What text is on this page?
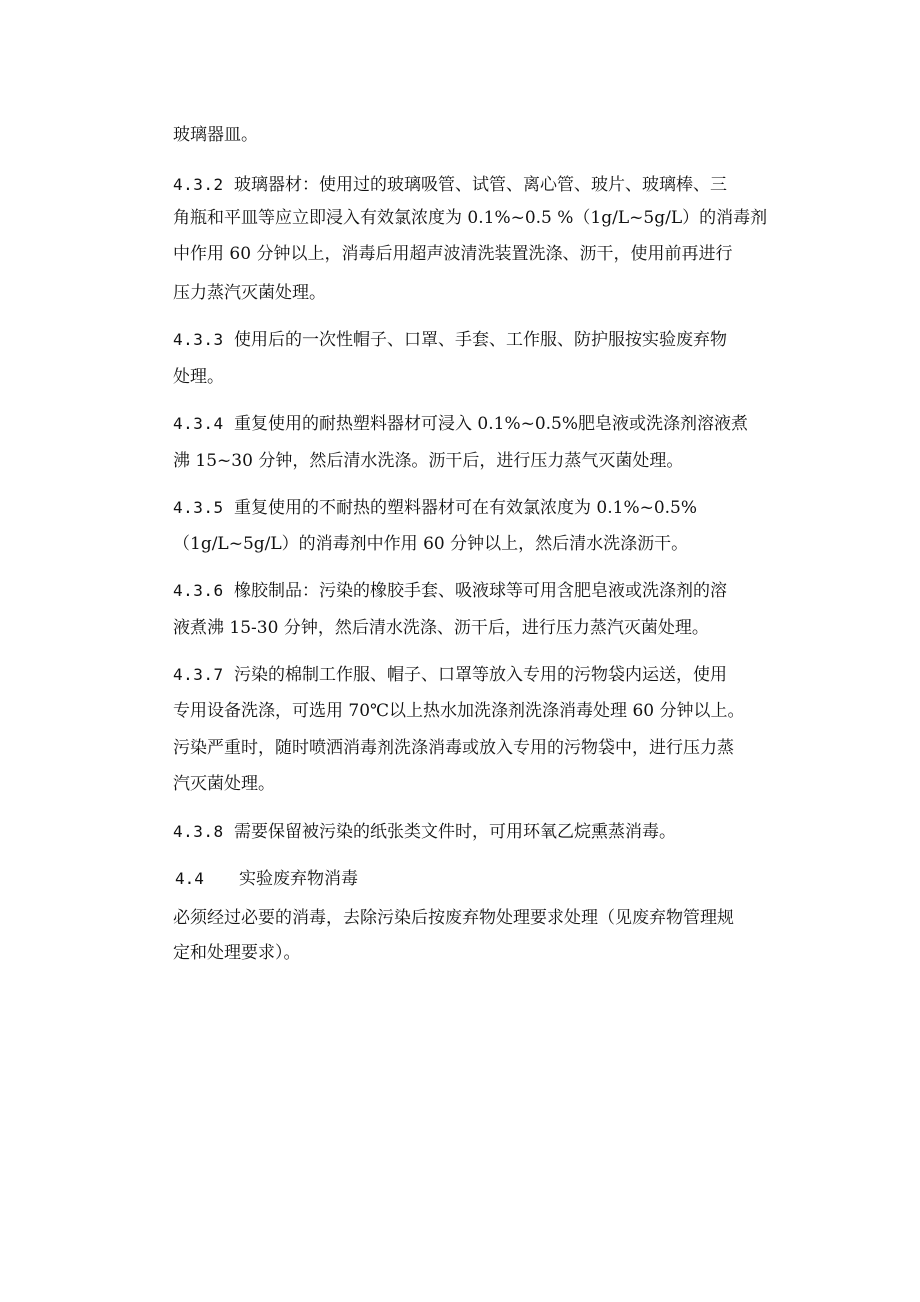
玻璃器皿。
4.3.2 玻璃器材：使用过的玻璃吸管、试管、离心管、玻片、玻璃棒、三
角瓶和平皿等应立即浸入有效氯浓度为 0.1%~0.5 %（1g/L~5g/L）的消毒剂
中作用 60 分钟以上，消毒后用超声波清洗装置洗涤、沥干，使用前再进行
压力蒸汽灭菌处理。
4.3.3 使用后的一次性帽子、口罩、手套、工作服、防护服按实验废弃物
处理。
4.3.4 重复使用的耐热塑料器材可浸入 0.1%~0.5%肥皂液或洗涤剂溶液煮
沸 15~30 分钟，然后清水洗涤。沥干后，进行压力蒸气灭菌处理。
4.3.5 重复使用的不耐热的塑料器材可在有效氯浓度为 0.1%~0.5%
（1g/L~5g/L）的消毒剂中作用 60 分钟以上，然后清水洗涤沥干。
4.3.6 橡胶制品：污染的橡胶手套、吸液球等可用含肥皂液或洗涤剂的溶
液煮沸 15-30 分钟，然后清水洗涤、沥干后，进行压力蒸汽灭菌处理。
4.3.7 污染的棉制工作服、帽子、口罩等放入专用的污物袋内运送，使用
专用设备洗涤，可选用 70℃以上热水加洗涤剂洗涤消毒处理 60 分钟以上。
污染严重时，随时喷洒消毒剂洗涤消毒或放入专用的污物袋中，进行压力蒸
汽灭菌处理。
4.3.8 需要保留被污染的纸张类文件时，可用环氧乙烷熏蒸消毒。
4.4 实验废弃物消毒
必须经过必要的消毒，去除污染后按废弃物处理要求处理（见废弃物管理规
定和处理要求）。
